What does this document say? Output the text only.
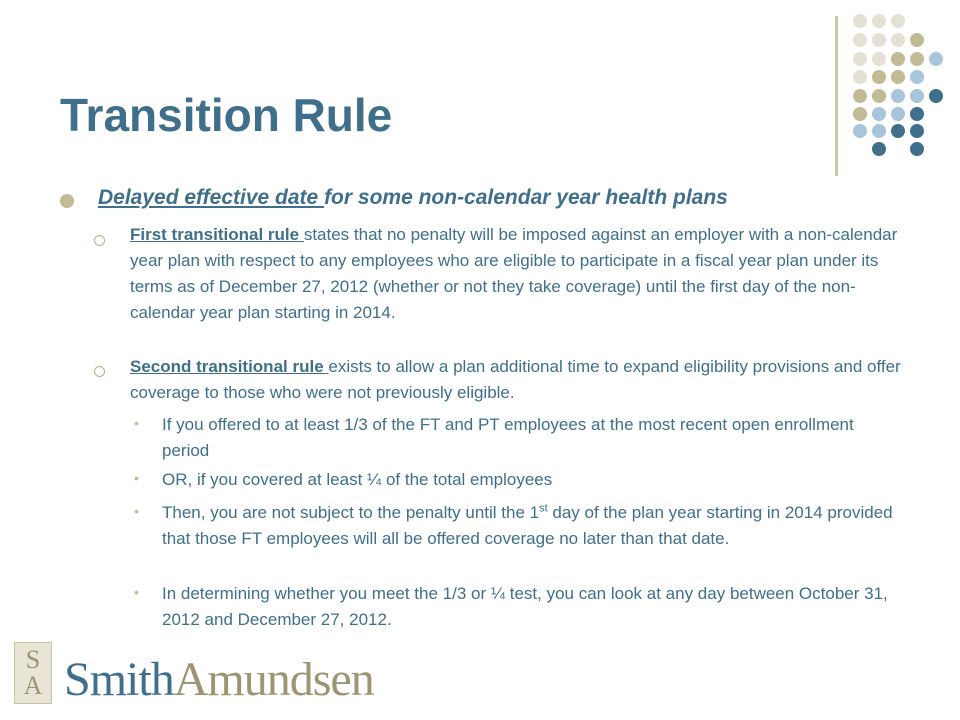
Transition Rule
Delayed effective date for some non-calendar year health plans
First transitional rule states that no penalty will be imposed against an employer with a non-calendar year plan with respect to any employees who are eligible to participate in a fiscal year plan under its terms as of December 27, 2012 (whether or not they take coverage) until the first day of the non-calendar year plan starting in 2014.
Second transitional rule exists to allow a plan additional time to expand eligibility provisions and offer coverage to those who were not previously eligible.
• If you offered to at least 1/3 of the FT and PT employees at the most recent open enrollment period
• OR, if you covered at least ¼ of the total employees
• Then, you are not subject to the penalty until the 1st day of the plan year starting in 2014 provided that those FT employees will all be offered coverage no later than that date.
• In determining whether you meet the 1/3 or ¼ test, you can look at any day between October 31, 2012 and December 27, 2012.
S
A SmithAmundsen
